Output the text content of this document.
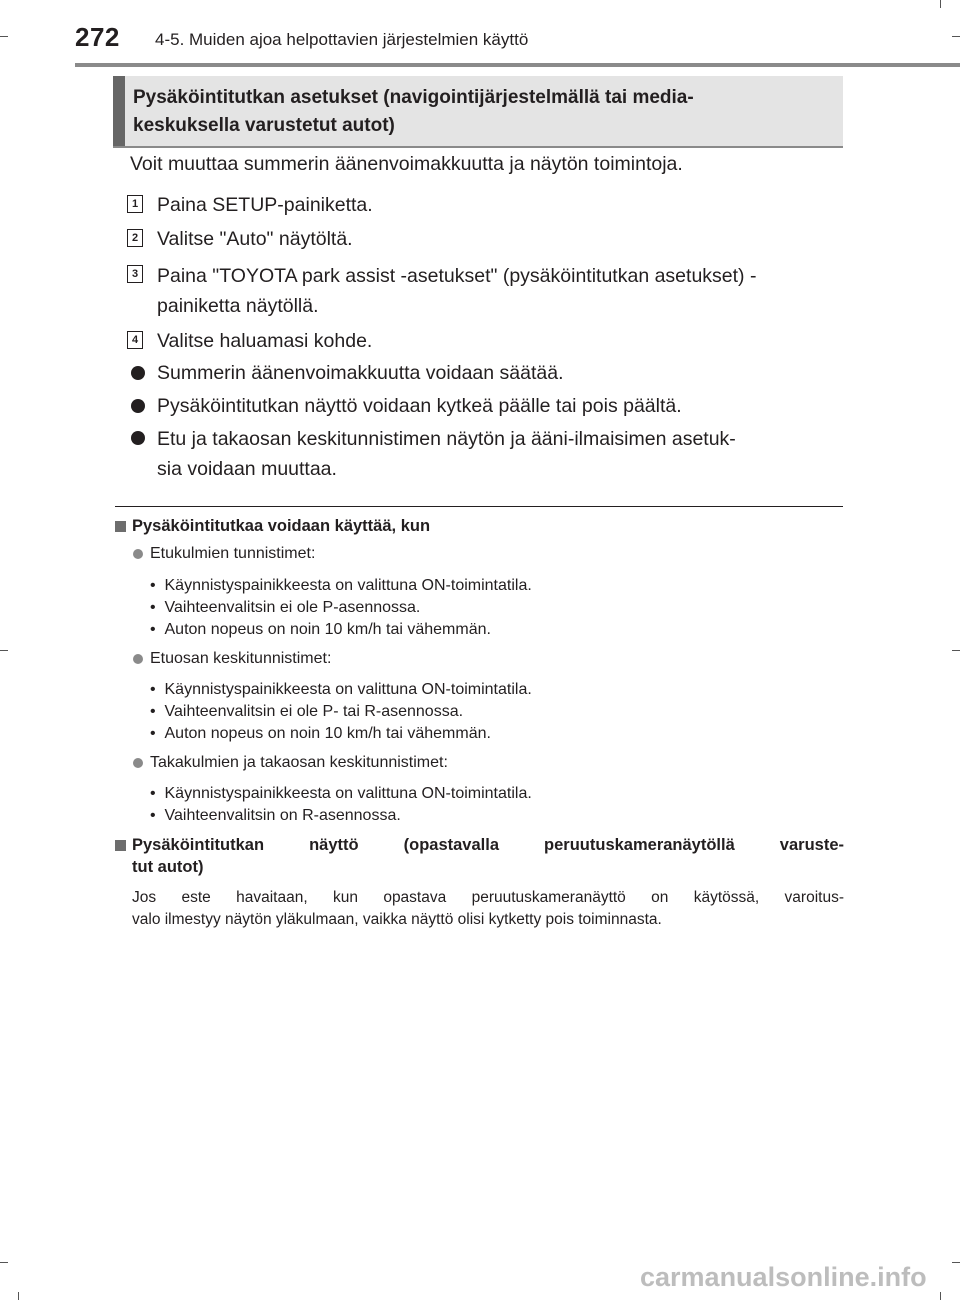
272 4-5. Muiden ajoa helpottavien järjestelmien käyttö
Pysäköintitutkan asetukset (navigointijärjestelmällä tai media-
keskuksella varustetut autot)
Voit muuttaa summerin äänenvoimakkuutta ja näytön toimintoja.
1 Paina SETUP-painiketta.
2 Valitse "Auto" näytöltä.
3 Paina "TOYOTA park assist -asetukset" (pysäköintitutkan asetukset) -
painiketta näytöllä.
4 Valitse haluamasi kohde.
Summerin äänenvoimakkuutta voidaan säätää.
Pysäköintitutkan näyttö voidaan kytkeä päälle tai pois päältä.
Etu ja takaosan keskitunnistimen näytön ja ääni-ilmaisimen asetuk-
sia voidaan muuttaa.
Pysäköintitutkaa voidaan käyttää, kun
Etukulmien tunnistimet:
•  Käynnistyspainikkeesta on valittuna ON-toimintatila.
•  Vaihteenvalitsin ei ole P-asennossa.
•  Auton nopeus on noin 10 km/h tai vähemmän.
Etuosan keskitunnistimet:
•  Käynnistyspainikkeesta on valittuna ON-toimintatila.
•  Vaihteenvalitsin ei ole P- tai R-asennossa.
•  Auton nopeus on noin 10 km/h tai vähemmän.
Takakulmien ja takaosan keskitunnistimet:
•  Käynnistyspainikkeesta on valittuna ON-toimintatila.
•  Vaihteenvalitsin on R-asennossa.
Pysäköintitutkan näyttö (opastavalla peruutuskameranäytöllä varuste-
tut autot)
Jos este havaitaan, kun opastava peruutuskameranäyttö on käytössä, varoitus-
valo ilmestyy näytön yläkulmaan, vaikka näyttö olisi kytketty pois toiminnasta.
carmanualsonline.info
